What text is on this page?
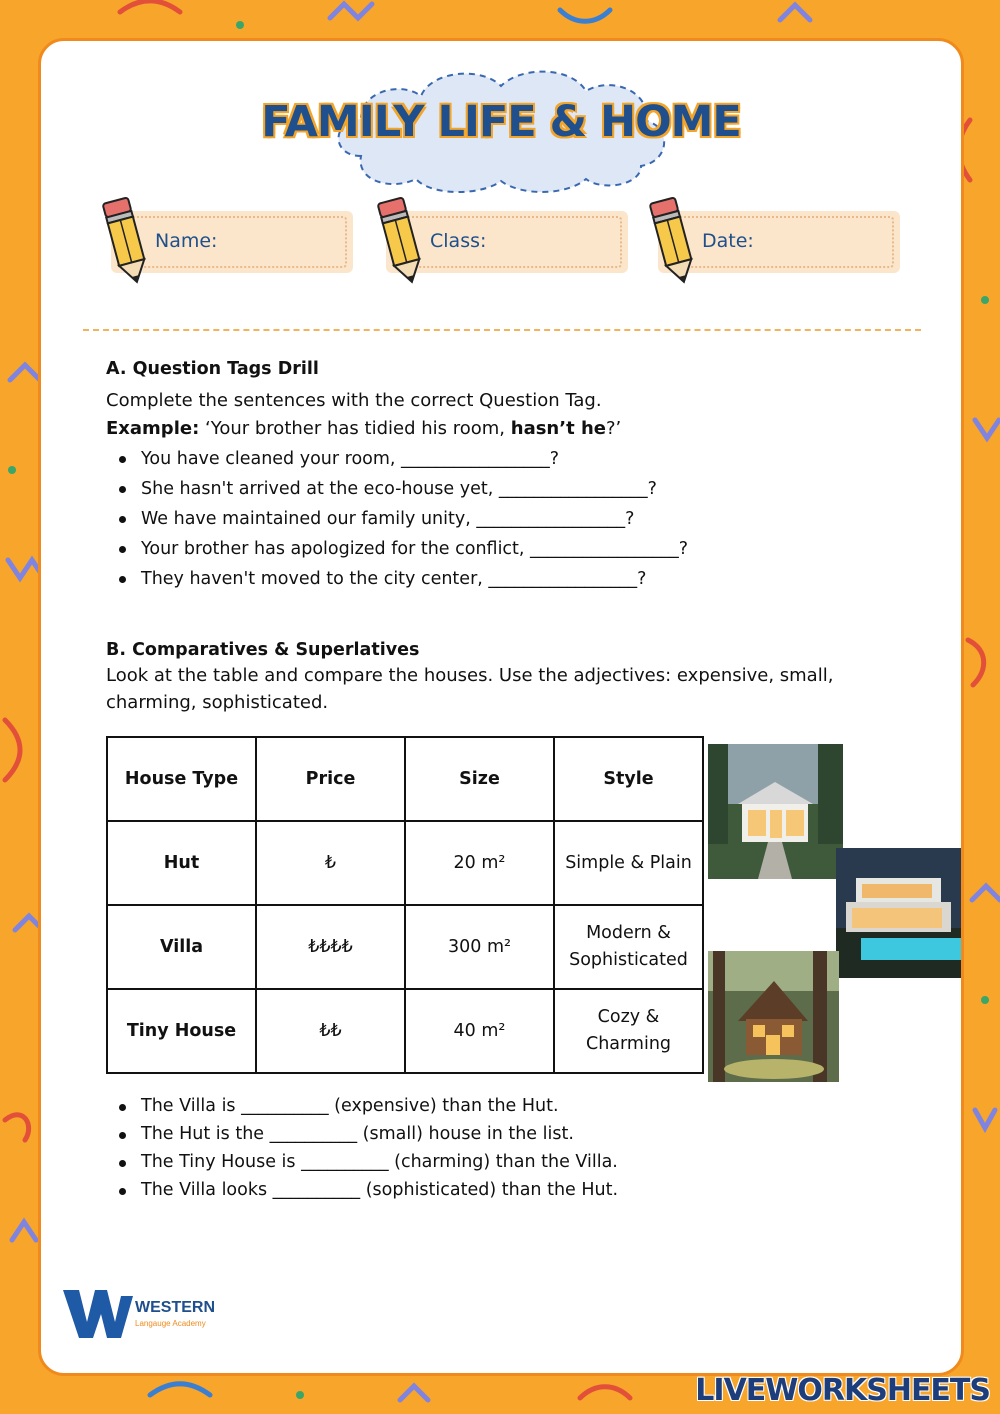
FAMILY LIFE & HOME
Name:	Class:	Date:
A. Question Tags Drill

Complete the sentences with the correct Question Tag.

Example: ‘Your brother has tidied his room, hasn’t he?’

You have cleaned your room, _________________?
She hasn't arrived at the eco-house yet, _________________?
We have maintained our family unity, _________________?
Your brother has apologized for the conflict, _________________?
They haven't moved to the city center, _________________?
B. Comparatives & Superlatives

Look at the table and compare the houses. Use the adjectives: expensive, small, charming, sophisticated.

House Type	Price	Size	Style
Hut	₺	20 m²	Simple & Plain
Villa	₺₺₺₺	300 m²	Modern & Sophisticated
Tiny House	₺₺	40 m²	Cozy & Charming
The Villa is __________ (expensive) than the Hut.
The Hut is the __________ (small) house in the list.
The Tiny House is __________ (charming) than the Villa.
The Villa looks __________ (sophisticated) than the Hut.
WESTERN
Langauge Academy
LIVEWORKSHEETS
